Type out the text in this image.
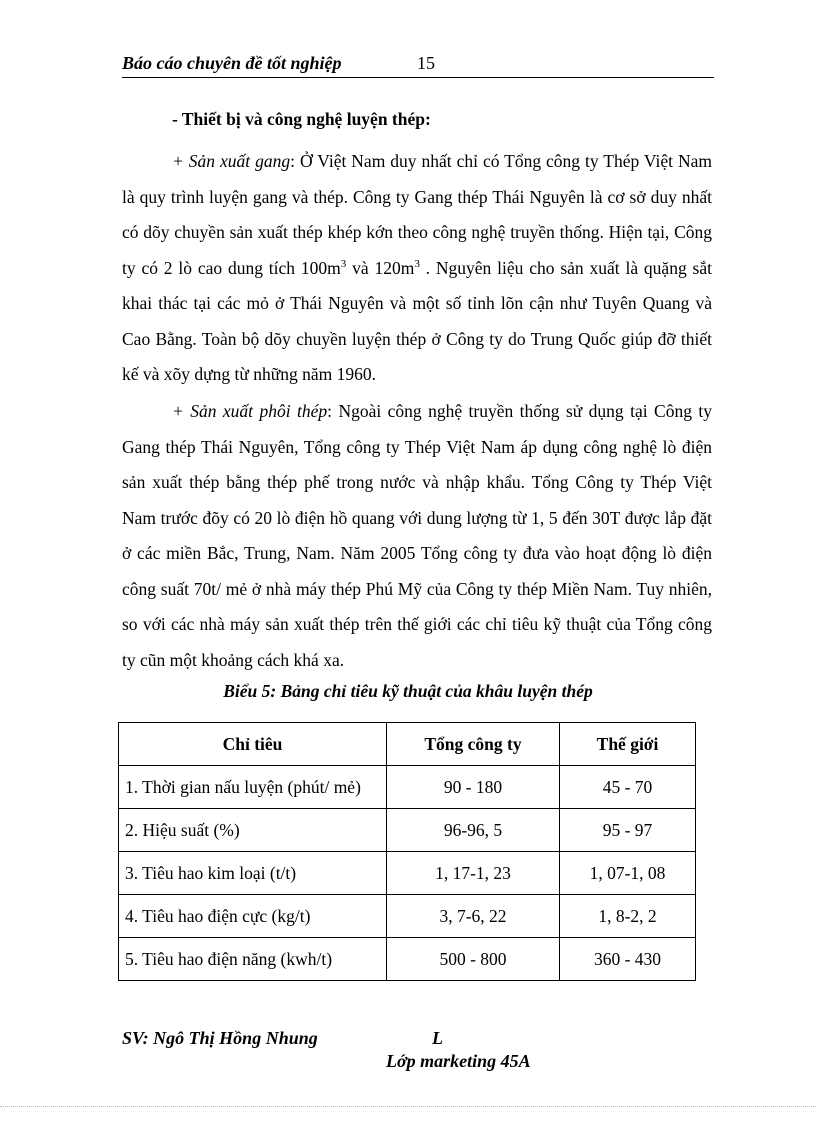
Báo cáo chuyên đề tốt nghiệp	15
- Thiết bị và công nghệ luyện thép:
+ Sản xuất gang: Ở Việt Nam duy nhất chỉ có Tổng công ty Thép Việt Nam là quy trình luyện gang và thép. Công ty Gang thép Thái Nguyên là cơ sở duy nhất có dõy chuyền sản xuất thép khép kớn theo công nghệ truyền thống. Hiện tại, Công ty có 2 lò cao dung tích $100m^3$ và $120m^3$ . Nguyên liệu cho sản xuất là quặng sắt khai thác tại các mỏ ở Thái Nguyên và một số tỉnh lõn cận như Tuyên Quang và Cao Bằng. Toàn bộ dõy chuyền luyện thép ở Công ty do Trung Quốc giúp đỡ thiết kế và xõy dựng từ những năm 1960.
+ Sản xuất phôi thép: Ngoài công nghệ truyền thống sử dụng tại Công ty Gang thép Thái Nguyên, Tổng công ty Thép Việt Nam áp dụng công nghệ lò điện sản xuất thép bằng thép phế trong nước và nhập khẩu. Tổng Công ty Thép Việt Nam trước đõy có 20 lò điện hồ quang với dung lượng từ 1, 5 đến 30T được lắp đặt ở các miền Bắc, Trung, Nam. Năm 2005 Tổng công ty đưa vào hoạt động lò điện công suất 70t/ mẻ ở nhà máy thép Phú Mỹ của Công ty thép Miền Nam. Tuy nhiên, so với các nhà máy sản xuất thép trên thế giới các chỉ tiêu kỹ thuật của Tổng công ty cũn một khoảng cách khá xa.
Biểu 5: Bảng chỉ tiêu kỹ thuật của khâu luyện thép
Chỉ tiêu	Tổng công ty	Thế giới
1. Thời gian nấu luyện (phút/ mẻ)	90 - 180	45 - 70
2. Hiệu suất (%)	96-96, 5	95 - 97
3. Tiêu hao kim loại (t/t)	1, 17-1, 23	1, 07-1, 08
4. Tiêu hao điện cực (kg/t)	3, 7-6, 22	1, 8-2, 2
5. Tiêu hao điện năng (kwh/t)	500 - 800	360 - 430
SV: Ngô Thị Hồng Nhung	L
Lớp marketing 45A
